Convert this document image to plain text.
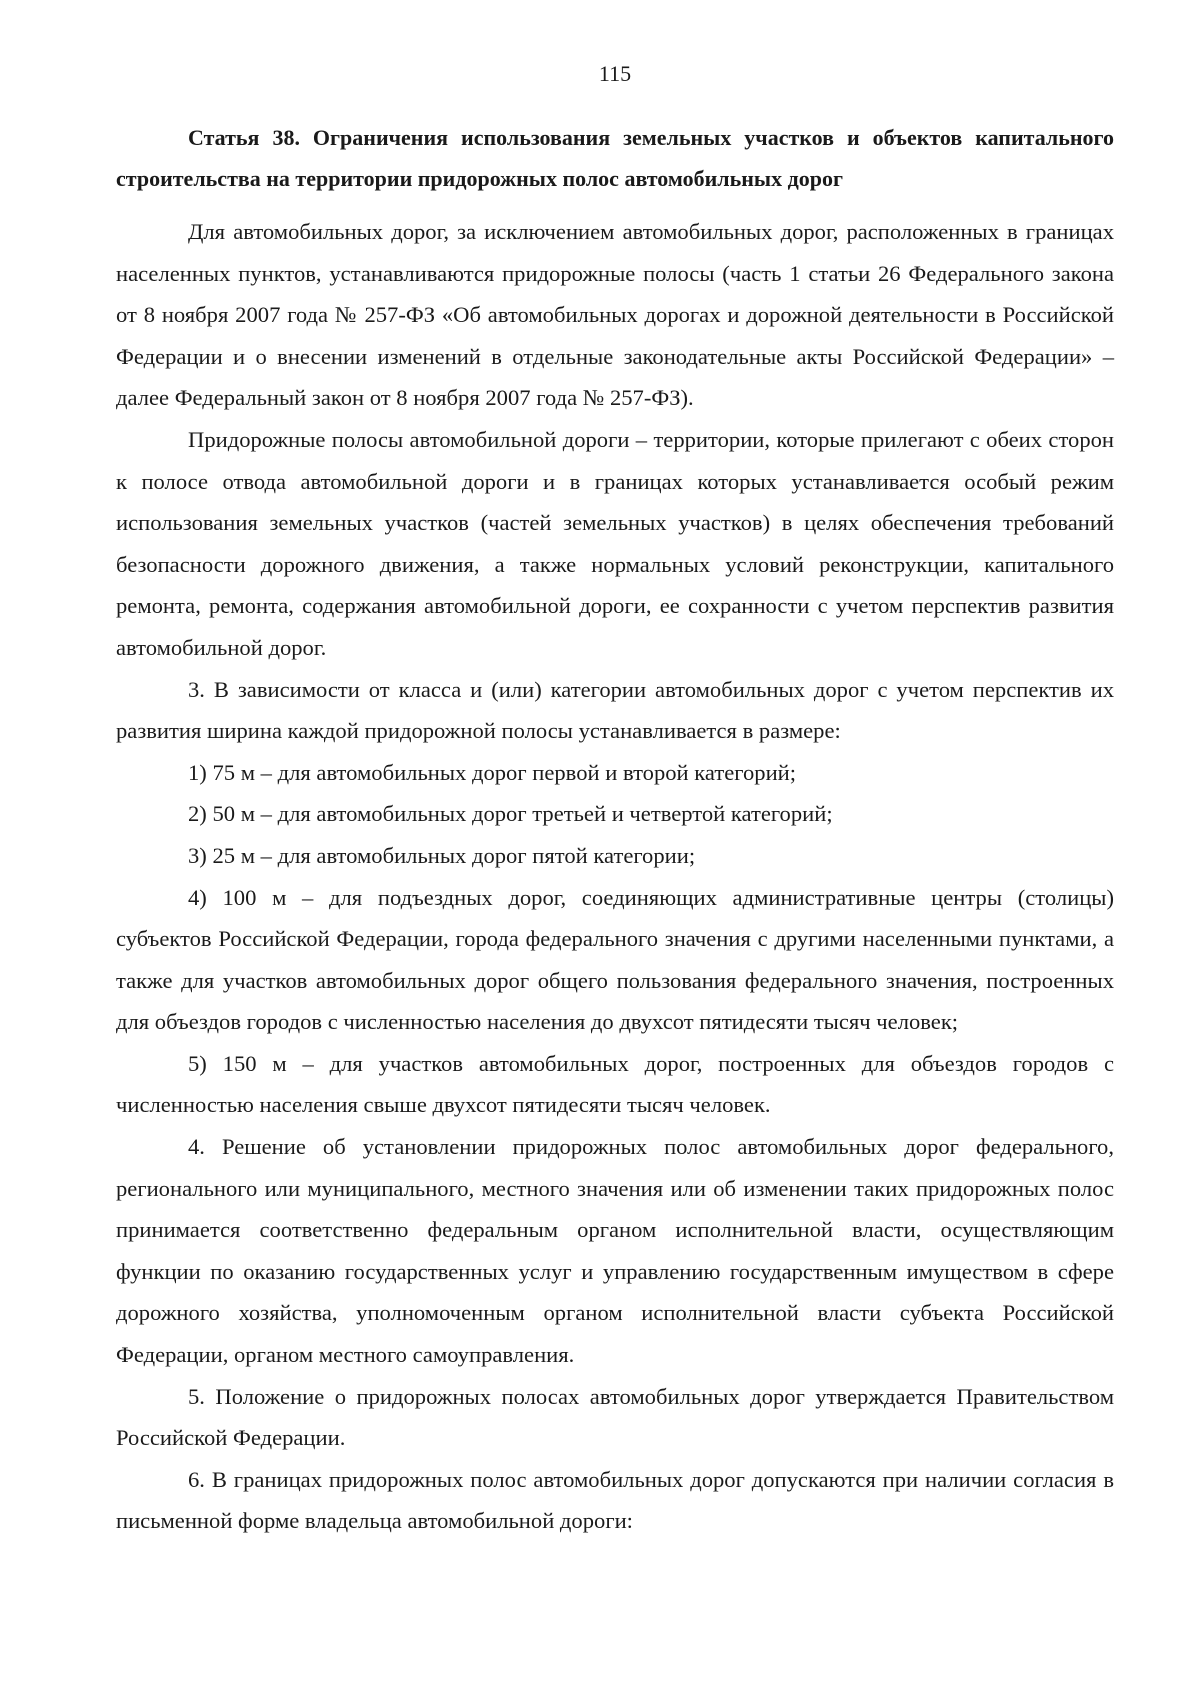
115
Статья 38. Ограничения использования земельных участков и объектов капитального строительства на территории придорожных полос автомобильных дорог

Для автомобильных дорог, за исключением автомобильных дорог, расположенных в границах населенных пунктов, устанавливаются придорожные полосы (часть 1 статьи 26 Федерального закона от 8 ноября 2007 года № 257-ФЗ «Об автомобильных дорогах и дорожной деятельности в Российской Федерации и о внесении изменений в отдельные законодательные акты Российской Федерации» – далее Федеральный закон от 8 ноября 2007 года № 257-ФЗ).

Придорожные полосы автомобильной дороги – территории, которые прилегают с обеих сторон к полосе отвода автомобильной дороги и в границах которых устанавливается особый режим использования земельных участков (частей земельных участков) в целях обеспечения требований безопасности дорожного движения, а также нормальных условий реконструкции, капитального ремонта, ремонта, содержания автомобильной дороги, ее сохранности с учетом перспектив развития автомобильной дорог.

3. В зависимости от класса и (или) категории автомобильных дорог с учетом перспектив их развития ширина каждой придорожной полосы устанавливается в размере:

1) 75 м – для автомобильных дорог первой и второй категорий;

2) 50 м – для автомобильных дорог третьей и четвертой категорий;

3) 25 м – для автомобильных дорог пятой категории;

4) 100 м – для подъездных дорог, соединяющих административные центры (столицы) субъектов Российской Федерации, города федерального значения с другими населенными пунктами, а также для участков автомобильных дорог общего пользования федерального значения, построенных для объездов городов с численностью населения до двухсот пятидесяти тысяч человек;

5) 150 м – для участков автомобильных дорог, построенных для объездов городов с численностью населения свыше двухсот пятидесяти тысяч человек.

4. Решение об установлении придорожных полос автомобильных дорог федерального, регионального или муниципального, местного значения или об изменении таких придорожных полос принимается соответственно федеральным органом исполнительной власти, осуществляющим функции по оказанию государственных услуг и управлению государственным имуществом в сфере дорожного хозяйства, уполномоченным органом исполнительной власти субъекта Российской Федерации, органом местного самоуправления.

5. Положение о придорожных полосах автомобильных дорог утверждается Правительством Российской Федерации.

6. В границах придорожных полос автомобильных дорог допускаются при наличии согласия в письменной форме владельца автомобильной дороги:
